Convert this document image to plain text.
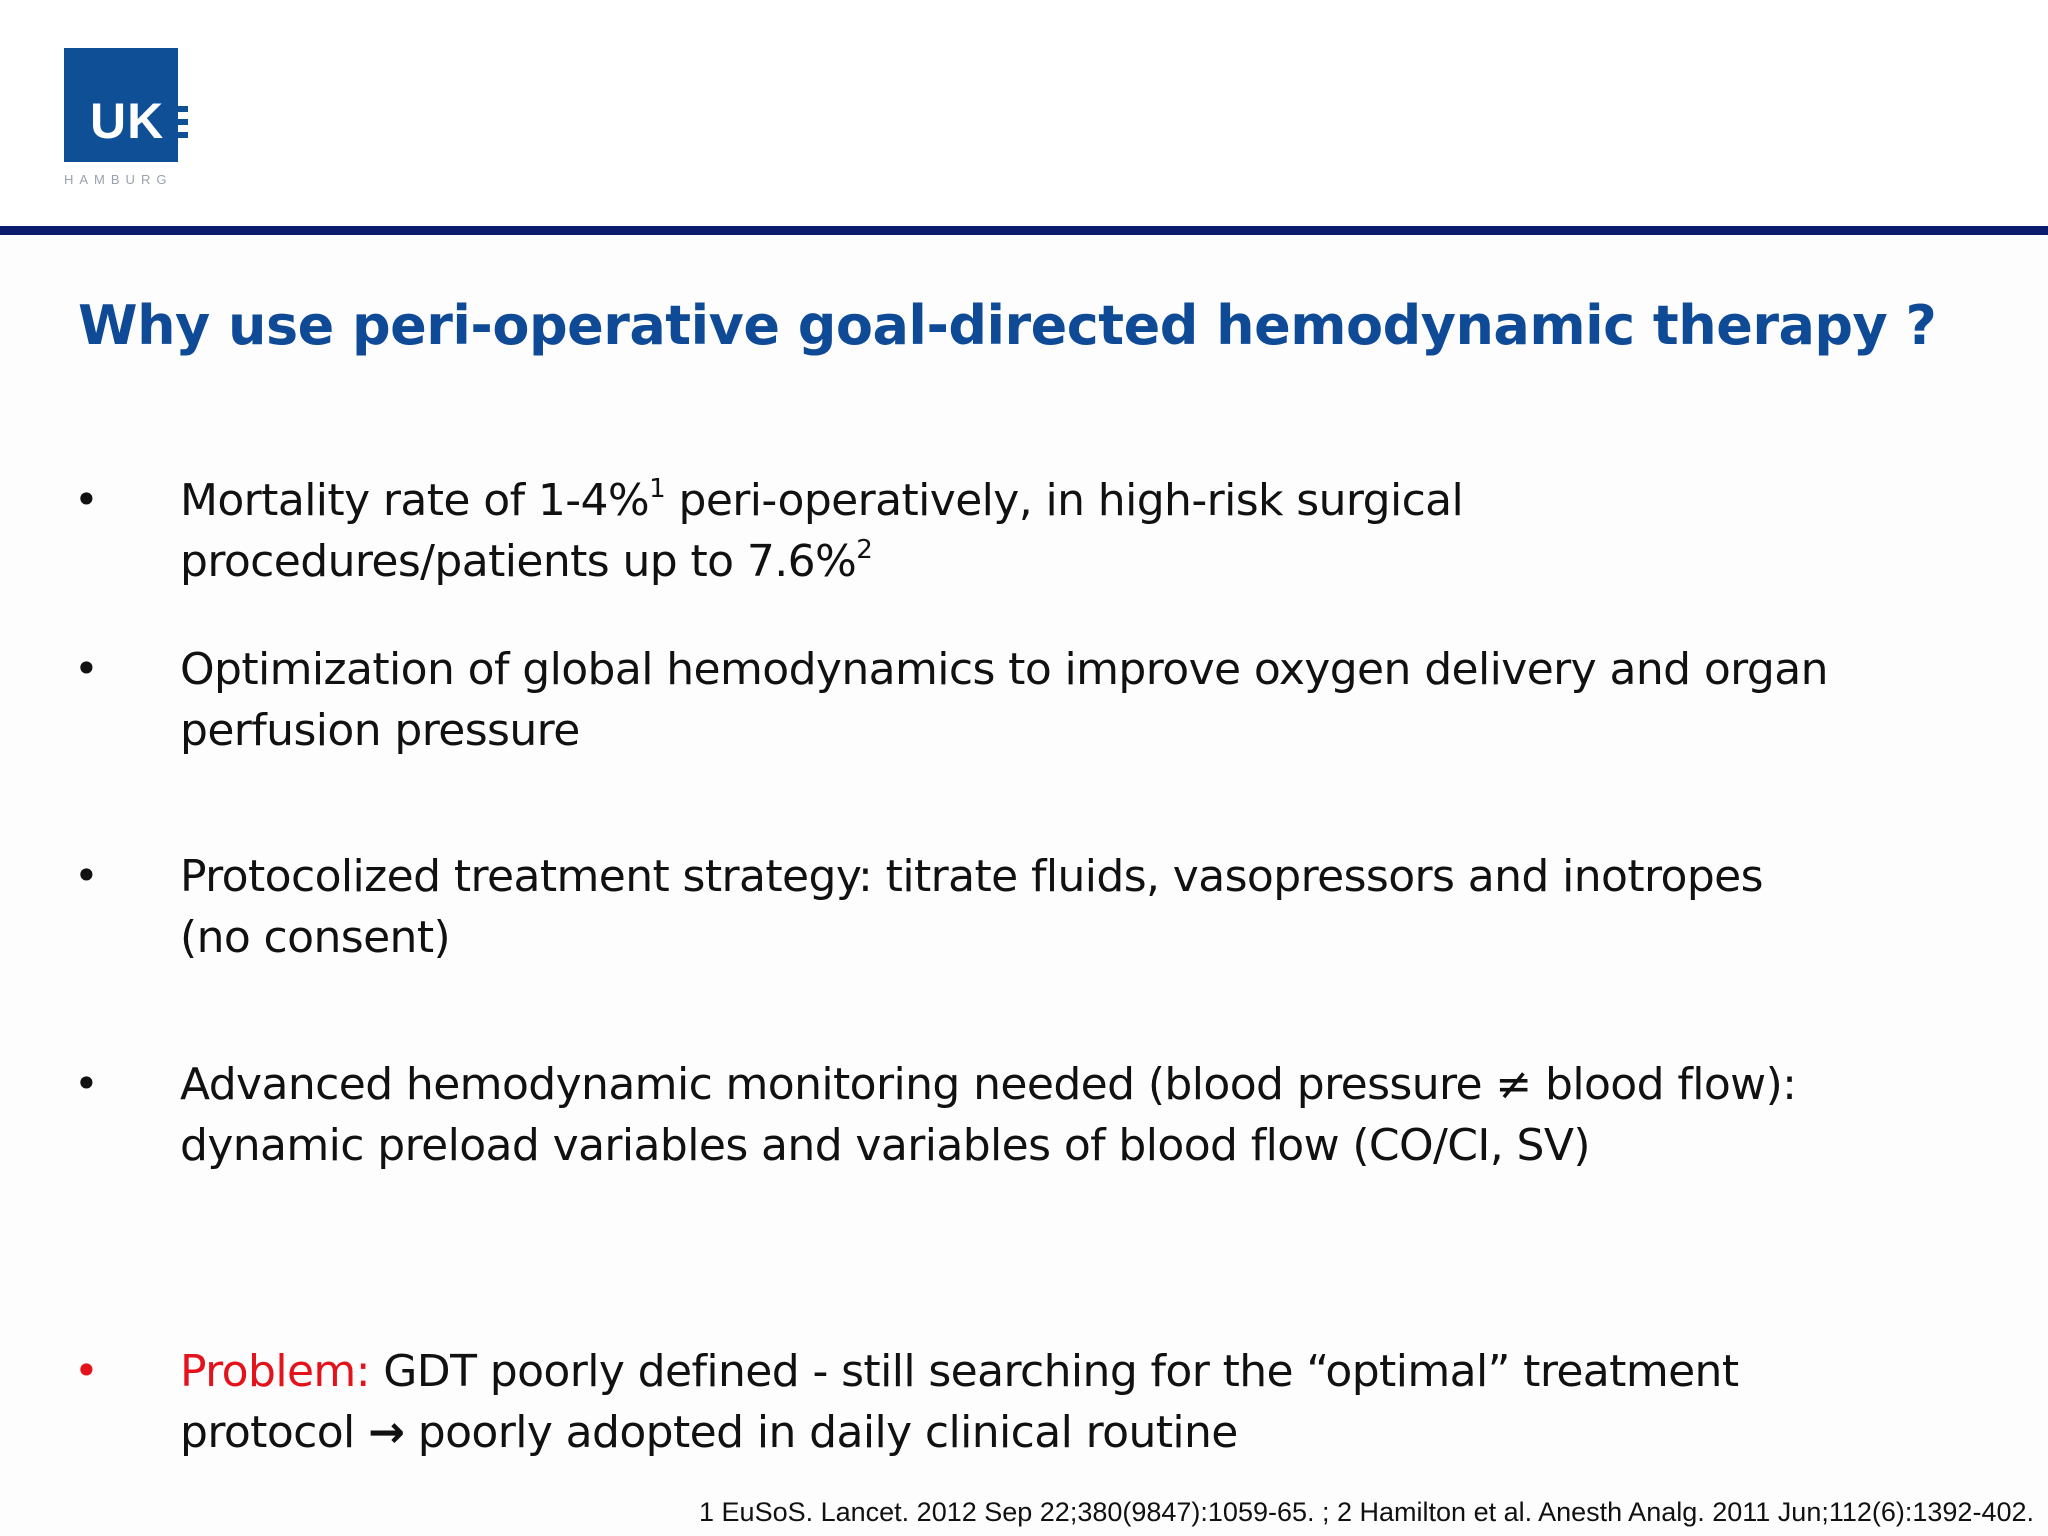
UK
HAMBURG
Why use peri-operative goal-directed hemodynamic therapy ?
• Mortality rate of 1-4%$^1$ peri-operatively, in high-risk surgical
procedures/patients up to 7.6%$^2$
• Optimization of global hemodynamics to improve oxygen delivery and organ
perfusion pressure
• Protocolized treatment strategy: titrate fluids, vasopressors and inotropes
(no consent)
• Advanced hemodynamic monitoring needed (blood pressure ≠ blood flow):
dynamic preload variables and variables of blood flow (CO/CI, SV)
• Problem: GDT poorly defined - still searching for the “optimal” treatment
protocol → poorly adopted in daily clinical routine
1 EuSoS. Lancet. 2012 Sep 22;380(9847):1059-65. ; 2 Hamilton et al. Anesth Analg. 2011 Jun;112(6):1392-402.
